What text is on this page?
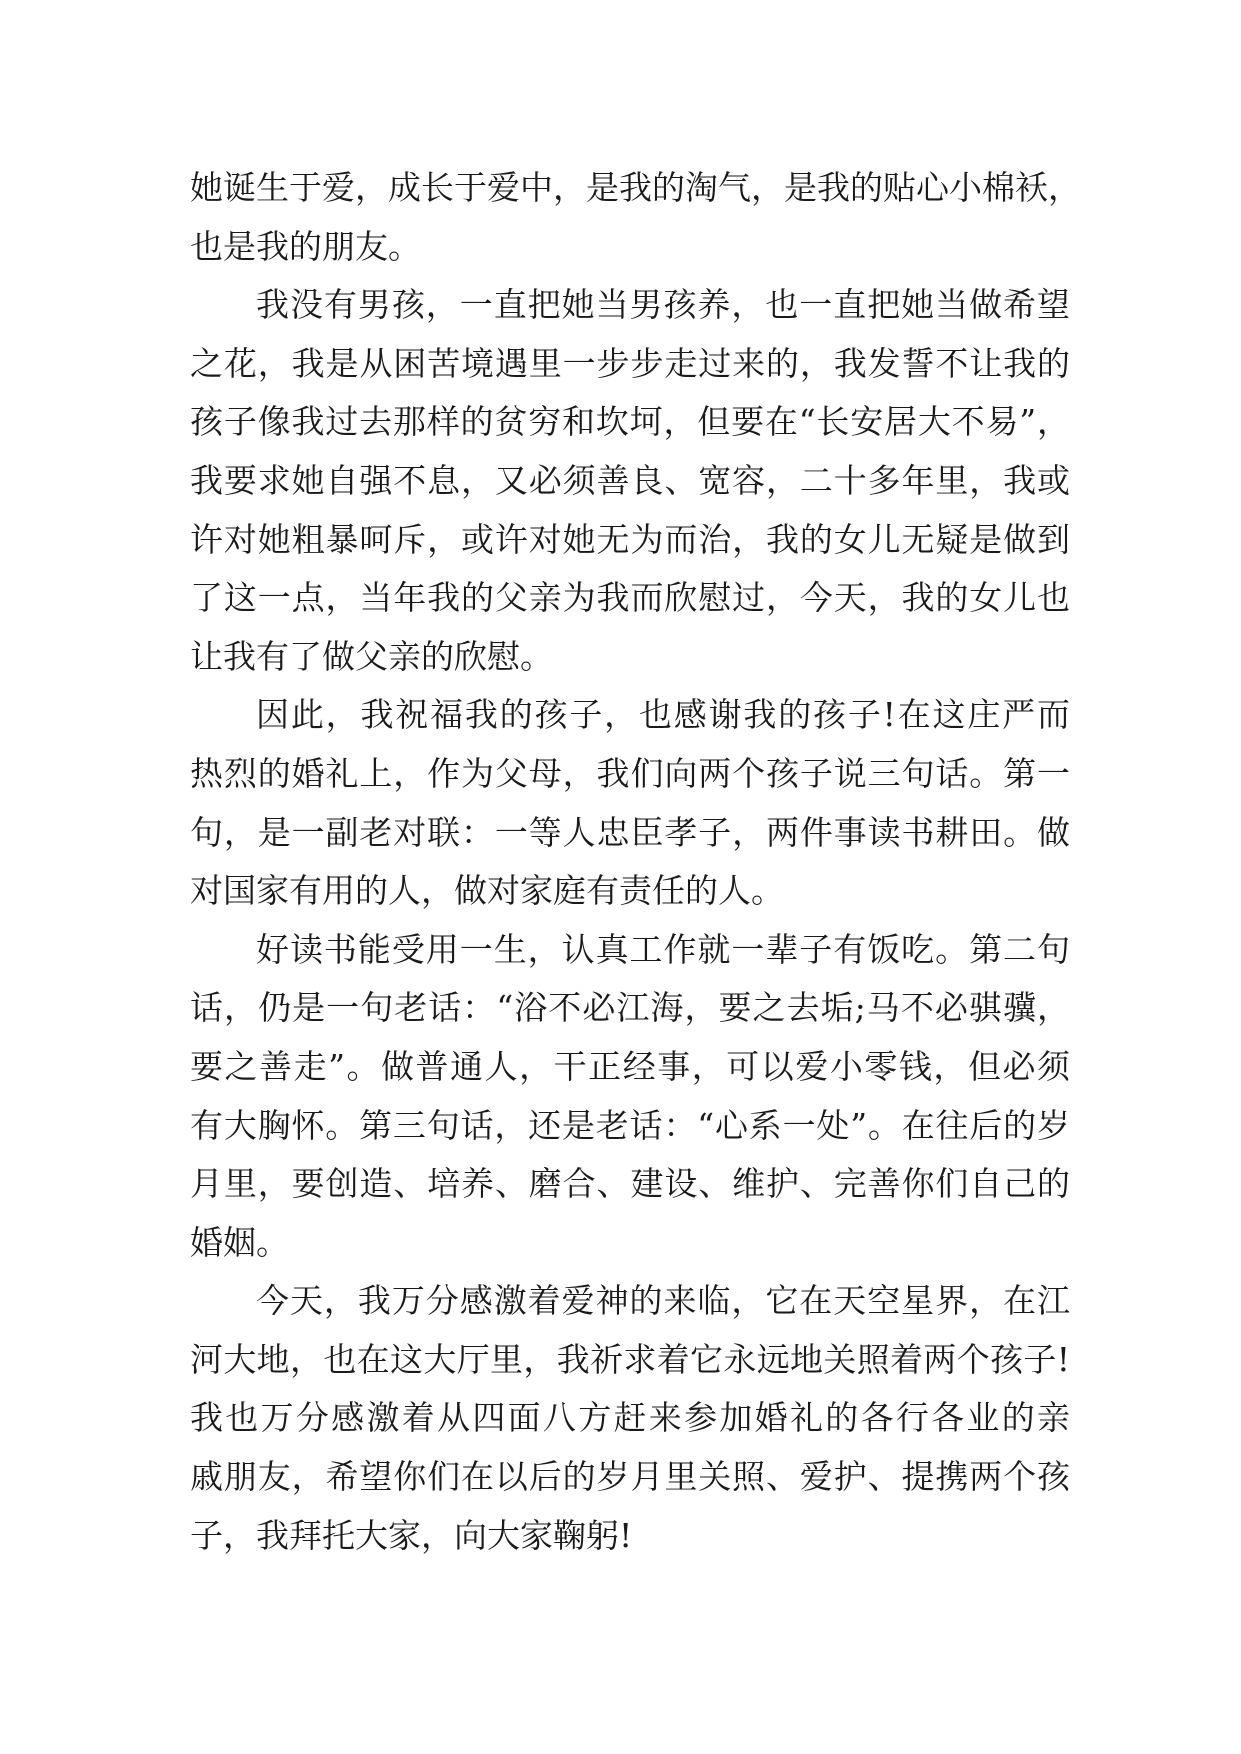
她诞生于爱，成长于爱中，是我的淘气，是我的贴心小棉袄，
也是我的朋友。
我没有男孩，一直把她当男孩养，也一直把她当做希望
之花，我是从困苦境遇里一步步走过来的，我发誓不让我的
孩子像我过去那样的贫穷和坎坷，但要在“长安居大不易”，
我要求她自强不息，又必须善良、宽容，二十多年里，我或
许对她粗暴呵斥，或许对她无为而治，我的女儿无疑是做到
了这一点，当年我的父亲为我而欣慰过，今天，我的女儿也
让我有了做父亲的欣慰。
因此，我祝福我的孩子，也感谢我的孩子!在这庄严而
热烈的婚礼上，作为父母，我们向两个孩子说三句话。第一
句，是一副老对联：一等人忠臣孝子，两件事读书耕田。做
对国家有用的人，做对家庭有责任的人。
好读书能受用一生，认真工作就一辈子有饭吃。第二句
话，仍是一句老话：“浴不必江海，要之去垢;马不必骐骥，
要之善走”。做普通人，干正经事，可以爱小零钱，但必须
有大胸怀。第三句话，还是老话：“心系一处”。在往后的岁
月里，要创造、培养、磨合、建设、维护、完善你们自己的
婚姻。
今天，我万分感激着爱神的来临，它在天空星界，在江
河大地，也在这大厅里，我祈求着它永远地关照着两个孩子!
我也万分感激着从四面八方赶来参加婚礼的各行各业的亲
戚朋友，希望你们在以后的岁月里关照、爱护、提携两个孩
子，我拜托大家，向大家鞠躬!
